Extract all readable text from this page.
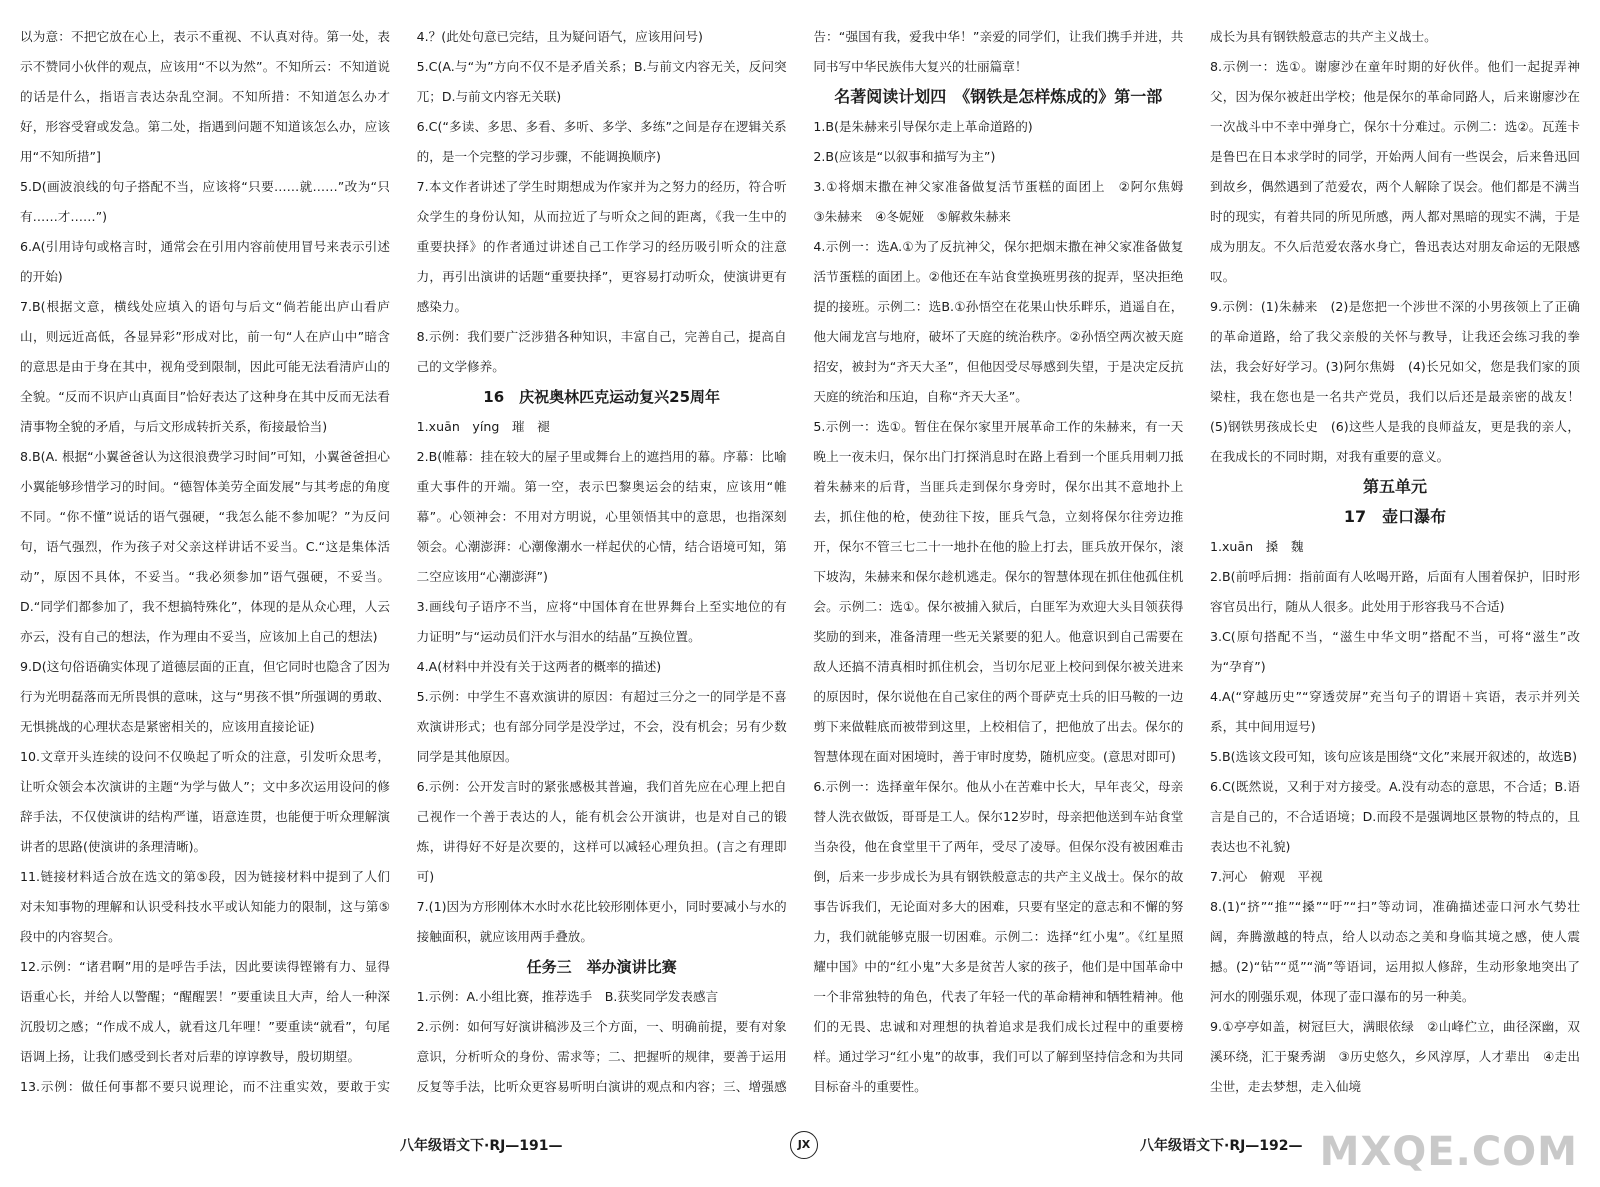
以为意：不把它放在心上，表示不重视、不认真对待。第一处，表示不赞同小伙伴的观点，应该用“不以为然”。不知所云：不知道说的话是什么，指语言表达杂乱空洞。不知所措：不知道怎么办才好，形容受窘或发急。第二处，指遇到问题不知道该怎么办，应该用“不知所措”]

5.D(画波浪线的句子搭配不当，应该将“只要……就……”改为“只有……才……”)

6.A(引用诗句或格言时，通常会在引用内容前使用冒号来表示引述的开始)

7.B(根据文意，横线处应填入的语句与后文“倘若能出庐山看庐山，则远近高低，各显异彩”形成对比，前一句“人在庐山中”暗含的意思是由于身在其中，视角受到限制，因此可能无法看清庐山的全貌。“反而不识庐山真面目”恰好表达了这种身在其中反而无法看清事物全貌的矛盾，与后文形成转折关系，衔接最恰当)

8.B(A. 根据“小翼爸爸认为这很浪费学习时间”可知，小翼爸爸担心小翼能够珍惜学习的时间。“德智体美劳全面发展”与其考虑的角度不同。“你不懂”说话的语气强硬，“我怎么能不参加呢？”为反问句，语气强烈，作为孩子对父亲这样讲话不妥当。C.“这是集体活动”，原因不具体，不妥当。“我必须参加”语气强硬，不妥当。D.“同学们都参加了，我不想搞特殊化”，体现的是从众心理，人云亦云，没有自己的想法，作为理由不妥当，应该加上自己的想法)

9.D(这句俗语确实体现了道德层面的正直，但它同时也隐含了因为行为光明磊落而无所畏惧的意味，这与“男孩不惧”所强调的勇敢、无惧挑战的心理状态是紧密相关的，应该用直接论证)

10.文章开头连续的设问不仅唤起了听众的注意，引发听众思考，让听众领会本次演讲的主题“为学与做人”；文中多次运用设问的修辞手法，不仅使演讲的结构严谨，语意连贯，也能便于听众理解演讲者的思路(使演讲的条理清晰)。

11.链接材料适合放在选文的第⑤段，因为链接材料中提到了人们对未知事物的理解和认识受科技水平或认知能力的限制，这与第⑤段中的内容契合。

12.示例：“诸君啊”用的是呼告手法，因此要读得铿锵有力、显得语重心长，并给人以警醒；“醒醒罢！”要重读且大声，给人一种深沉殷切之感；“作成不成人，就看这几年哩！”要重读“就看”，句尾语调上扬，让我们感受到长者对后辈的谆谆教导，殷切期望。

13.示例：做任何事都不要只说理论，而不注重实效，要敢于实

4.？(此处句意已完结，且为疑问语气，应该用问号)

5.C(A.与“为”方向不仅不是矛盾关系；B.与前文内容无关，反问突兀；D.与前文内容无关联)

6.C(“多读、多思、多看、多听、多学、多练”之间是存在逻辑关系的，是一个完整的学习步骤，不能调换顺序)

7.本文作者讲述了学生时期想成为作家并为之努力的经历，符合听众学生的身份认知，从而拉近了与听众之间的距离，《我一生中的重要抉择》的作者通过讲述自己工作学习的经历吸引听众的注意力，再引出演讲的话题“重要抉择”，更容易打动听众，使演讲更有感染力。

8.示例：我们要广泛涉猎各种知识，丰富自己，完善自己，提高自己的文学修养。

16　庆祝奥林匹克运动复兴25周年

1.xuān　yíng　璀　褪

2.B(帷幕：挂在较大的屋子里或舞台上的遮挡用的幕。序幕：比喻重大事件的开端。第一空，表示巴黎奥运会的结束，应该用“帷幕”。心领神会：不用对方明说，心里领悟其中的意思，也指深刻领会。心潮澎湃：心潮像潮水一样起伏的心情，结合语境可知，第二空应该用“心潮澎湃”)

3.画线句子语序不当，应将“中国体育在世界舞台上至实地位的有力证明”与“运动员们汗水与泪水的结晶”互换位置。

4.A(材料中并没有关于这两者的概率的描述)

5.示例：中学生不喜欢演讲的原因：有超过三分之一的同学是不喜欢演讲形式；也有部分同学是没学过，不会，没有机会；另有少数同学是其他原因。

6.示例：公开发言时的紧张感极其普遍，我们首先应在心理上把自己视作一个善于表达的人，能有机会公开演讲，也是对自己的锻炼，讲得好不好是次要的，这样可以减轻心理负担。(言之有理即可)

7.(1)因为方形刚体木水时水花比较形刚体更小，同时要减小与水的接触面积，就应该用两手叠放。

任务三　举办演讲比赛

1.示例：A.小组比赛，推荐选手　B.获奖同学发表感言

2.示例：如何写好演讲稿涉及三个方面，一、明确前提，要有对象意识，分析听众的身份、需求等；二、把握听的规律，要善于运用反复等手法，比听众更容易听明白演讲的观点和内容；三、增强感

告：“强国有我，爱我中华！”亲爱的同学们，让我们携手并进，共同书写中华民族伟大复兴的壮丽篇章！

名著阅读计划四　《钢铁是怎样炼成的》第一部

1.B(是朱赫来引导保尔走上革命道路的)

2.B(应该是“以叙事和描写为主”)

3.①将烟末撒在神父家准备做复活节蛋糕的面团上　②阿尔焦姆　③朱赫来　④冬妮娅　⑤解救朱赫来

4.示例一：选A.①为了反抗神父，保尔把烟末撒在神父家准备做复活节蛋糕的面团上。②他还在车站食堂换班男孩的捉弄，坚决拒绝提的接班。示例二：选B.①孙悟空在花果山快乐畔乐，逍遥自在，他大闹龙宫与地府，破坏了天庭的统治秩序。②孙悟空两次被天庭招安，被封为“齐天大圣”，但他因受尽辱感到失望，于是决定反抗天庭的统治和压迫，自称“齐天大圣”。

5.示例一：选①。暂住在保尔家里开展革命工作的朱赫来，有一天晚上一夜未归，保尔出门打探消息时在路上看到一个匪兵用刺刀抵着朱赫来的后背，当匪兵走到保尔身旁时，保尔出其不意地扑上去，抓住他的枪，使劲往下按，匪兵气急，立刻将保尔往旁边推开，保尔不管三七二十一地扑在他的脸上打去，匪兵放开保尔，滚下坡沟，朱赫来和保尔趁机逃走。保尔的智慧体现在抓住他孤住机会。示例二：选①。保尔被捕入狱后，白匪军为欢迎大头目领获得奖励的到来，准备清理一些无关紧要的犯人。他意识到自己需要在敌人还搞不清真相时抓住机会，当切尔尼亚上校问到保尔被关进来的原因时，保尔说他在自己家住的两个哥萨克士兵的旧马鞍的一边剪下来做鞋底而被带到这里，上校相信了，把他放了出去。保尔的智慧体现在面对困境时，善于审时度势，随机应变。(意思对即可)

6.示例一：选择童年保尔。他从小在苦难中长大，早年丧父，母亲替人洗衣做饭，哥哥是工人。保尔12岁时，母亲把他送到车站食堂当杂役，他在食堂里干了两年，受尽了凌辱。但保尔没有被困难击倒，后来一步步成长为具有钢铁般意志的共产主义战士。保尔的故事告诉我们，无论面对多大的困难，只要有坚定的意志和不懈的努力，我们就能够克服一切困难。示例二：选择“红小鬼”。《红星照耀中国》中的“红小鬼”大多是贫苦人家的孩子，他们是中国革命中一个非常独特的角色，代表了年轻一代的革命精神和牺牲精神。他们的无畏、忠诚和对理想的执着追求是我们成长过程中的重要榜样。通过学习“红小鬼”的故事，我们可以了解到坚持信念和为共同目标奋斗的重要性。

成长为具有钢铁般意志的共产主义战士。

8.示例一：选①。谢廖沙在童年时期的好伙伴。他们一起捉弄神父，因为保尔被赶出学校；他是保尔的革命同路人，后来谢廖沙在一次战斗中不幸中弹身亡，保尔十分难过。示例二：选②。瓦莲卡是鲁巴在日本求学时的同学，开始两人间有一些误会，后来鲁迅回到故乡，偶然遇到了范爱农，两个人解除了误会。他们都是不满当时的现实，有着共同的所见所感，两人都对黑暗的现实不满，于是成为朋友。不久后范爱农落水身亡，鲁迅表达对朋友命运的无限感叹。

9.示例：(1)朱赫来　(2)是您把一个涉世不深的小男孩领上了正确的革命道路，给了我父亲般的关怀与教导，让我还会练习我的拳法，我会好好学习。(3)阿尔焦姆　(4)长兄如父，您是我们家的顶梁柱，我在您也是一名共产党员，我们以后还是最亲密的战友！(5)钢铁男孩成长史　(6)这些人是我的良师益友，更是我的亲人，在我成长的不同时期，对我有重要的意义。

第五单元

17　壶口瀑布

1.xuān　搡　魏

2.B(前呼后拥：指前面有人吆喝开路，后面有人围着保护，旧时形容官员出行，随从人很多。此处用于形容我马不合适)

3.C(原句搭配不当，“滋生中华文明”搭配不当，可将“滋生”改为“孕育”)

4.A(“穿越历史”“穿透荧屏”充当句子的谓语＋宾语，表示并列关系，其中间用逗号)

5.B(选该文段可知，该句应该是围绕“文化”来展开叙述的，故选B)

6.C(既然说，又利于对方接受。A.没有动态的意思，不合适；B.语言是自己的，不合适语境；D.而段不是强调地区景物的特点的，且表达也不礼貌)

7.河心　俯观　平视

8.(1)“挤”“推”“搡”“吁”“扫”等动词，准确描述壶口河水气势壮阔，奔腾激越的特点，给人以动态之美和身临其境之感，使人震撼。(2)“钻”“觅”“淌”等语词，运用拟人修辞，生动形象地突出了河水的刚强乐观，体现了壶口瀑布的另一种美。

9.①亭亭如盖，树冠巨大，满眼依绿　②山峰伫立，曲径深幽，双溪环绕，汇于聚秀湖　③历史悠久，乡风淳厚，人才辈出　④走出尘世，走去梦想，走入仙境

八年级语文下·RJ—191—	JX	八年级语文下·RJ—192— MXQE.COM
